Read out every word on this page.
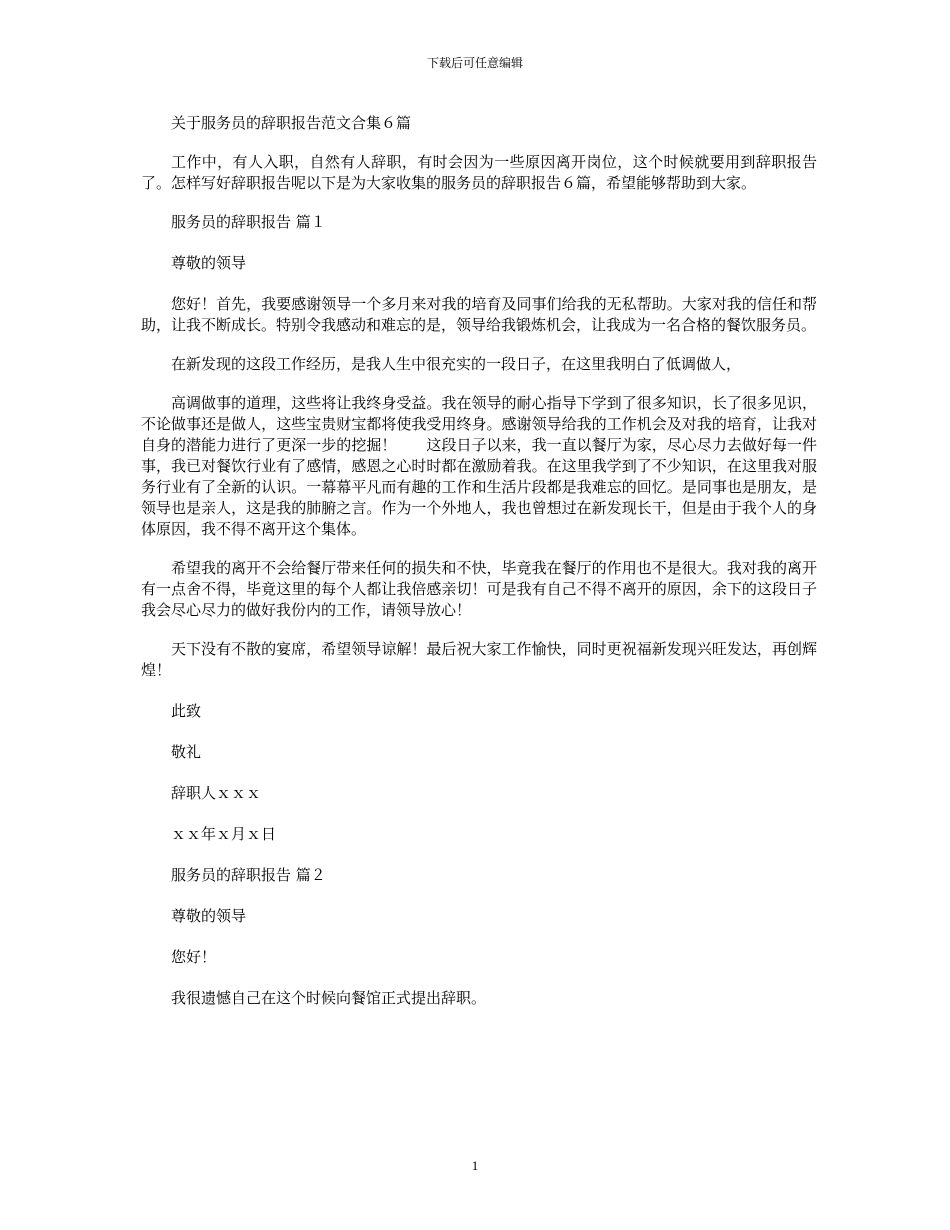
下载后可任意编辑

关于服务员的辞职报告范文合集６篇

工作中，有人入职，自然有人辞职，有时会因为一些原因离开岗位，这个时候就要用到辞职报告了。怎样写好辞职报告呢以下是为大家收集的服务员的辞职报告６篇，希望能够帮助到大家。

服务员的辞职报告 篇１

尊敬的领导

您好！首先，我要感谢领导一个多月来对我的培育及同事们给我的无私帮助。大家对我的信任和帮助，让我不断成长。特别令我感动和难忘的是，领导给我锻炼机会，让我成为一名合格的餐饮服务员。

在新发现的这段工作经历，是我人生中很充实的一段日子，在这里我明白了低调做人，

高调做事的道理，这些将让我终身受益。我在领导的耐心指导下学到了很多知识，长了很多见识，不论做事还是做人，这些宝贵财宝都将使我受用终身。感谢领导给我的工作机会及对我的培育，让我对自身的潜能力进行了更深一步的挖掘！　　这段日子以来，我一直以餐厅为家，尽心尽力去做好每一件事，我已对餐饮行业有了感情，感恩之心时时都在激励着我。在这里我学到了不少知识，在这里我对服务行业有了全新的认识。一幕幕平凡而有趣的工作和生活片段都是我难忘的回忆。是同事也是朋友，是领导也是亲人，这是我的肺腑之言。作为一个外地人，我也曾想过在新发现长干，但是由于我个人的身体原因，我不得不离开这个集体。

希望我的离开不会给餐厅带来任何的损失和不快，毕竟我在餐厅的作用也不是很大。我对我的离开有一点舍不得，毕竟这里的每个人都让我倍感亲切！可是我有自己不得不离开的原因，余下的这段日子我会尽心尽力的做好我份内的工作，请领导放心！

天下没有不散的宴席，希望领导谅解！最后祝大家工作愉快，同时更祝福新发现兴旺发达，再创辉煌！

此致

敬礼

辞职人ｘｘｘ

ｘｘ年ｘ月ｘ日

服务员的辞职报告 篇２

尊敬的领导

您好！

我很遗憾自己在这个时候向餐馆正式提出辞职。

1
